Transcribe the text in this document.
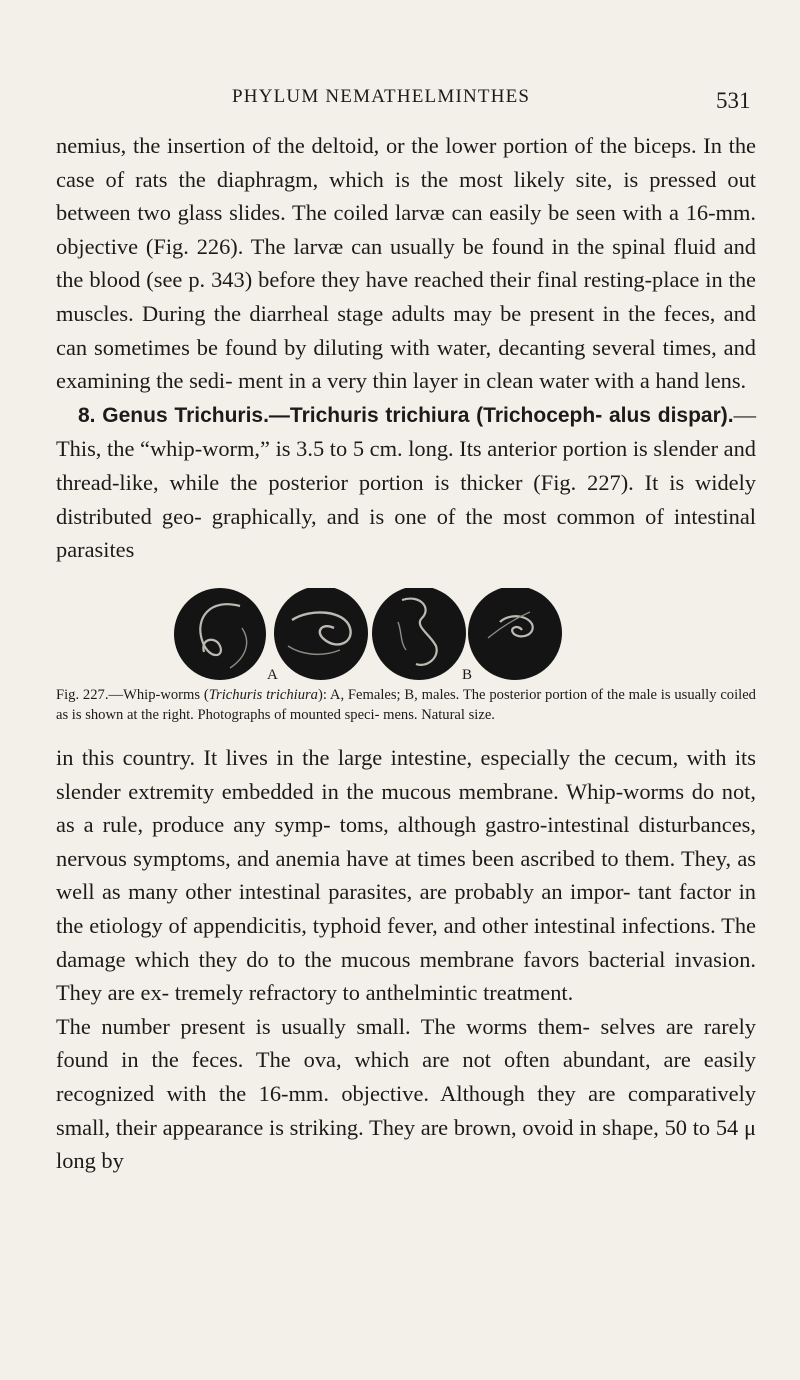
PHYLUM NEMATHELMINTHES	531

nemius, the insertion of the deltoid, or the lower portion of the biceps. In the case of rats the diaphragm, which is the most likely site, is pressed out between two glass slides. The coiled larvæ can easily be seen with a 16-mm. objective (Fig. 226). The larvæ can usually be found in the spinal fluid and the blood (see p. 343) before they have reached their final resting-place in the muscles. During the diarrheal stage adults may be present in the feces, and can sometimes be found by diluting with water, decanting several times, and examining the sedi- ment in a very thin layer in clean water with a hand lens.

8. Genus Trichuris.—Trichuris trichiura (Trichoceph- alus dispar).—This, the “whip-worm,” is 3.5 to 5 cm. long. Its anterior portion is slender and thread-like, while the posterior portion is thicker (Fig. 227). It is widely distributed geo- graphically, and is one of the most common of intestinal parasites

A	B
Fig. 227.—Whip-worms (Trichuris trichiura): A, Females; B, males. The posterior portion of the male is usually coiled as is shown at the right. Photographs of mounted speci- mens. Natural size.

in this country. It lives in the large intestine, especially the cecum, with its slender extremity embedded in the mucous membrane. Whip-worms do not, as a rule, produce any symp- toms, although gastro-intestinal disturbances, nervous symptoms, and anemia have at times been ascribed to them. They, as well as many other intestinal parasites, are probably an impor- tant factor in the etiology of appendicitis, typhoid fever, and other intestinal infections. The damage which they do to the mucous membrane favors bacterial invasion. They are ex- tremely refractory to anthelmintic treatment.

The number present is usually small. The worms them- selves are rarely found in the feces. The ova, which are not often abundant, are easily recognized with the 16-mm. objective. Although they are comparatively small, their appearance is striking. They are brown, ovoid in shape, 50 to 54 μ long by
